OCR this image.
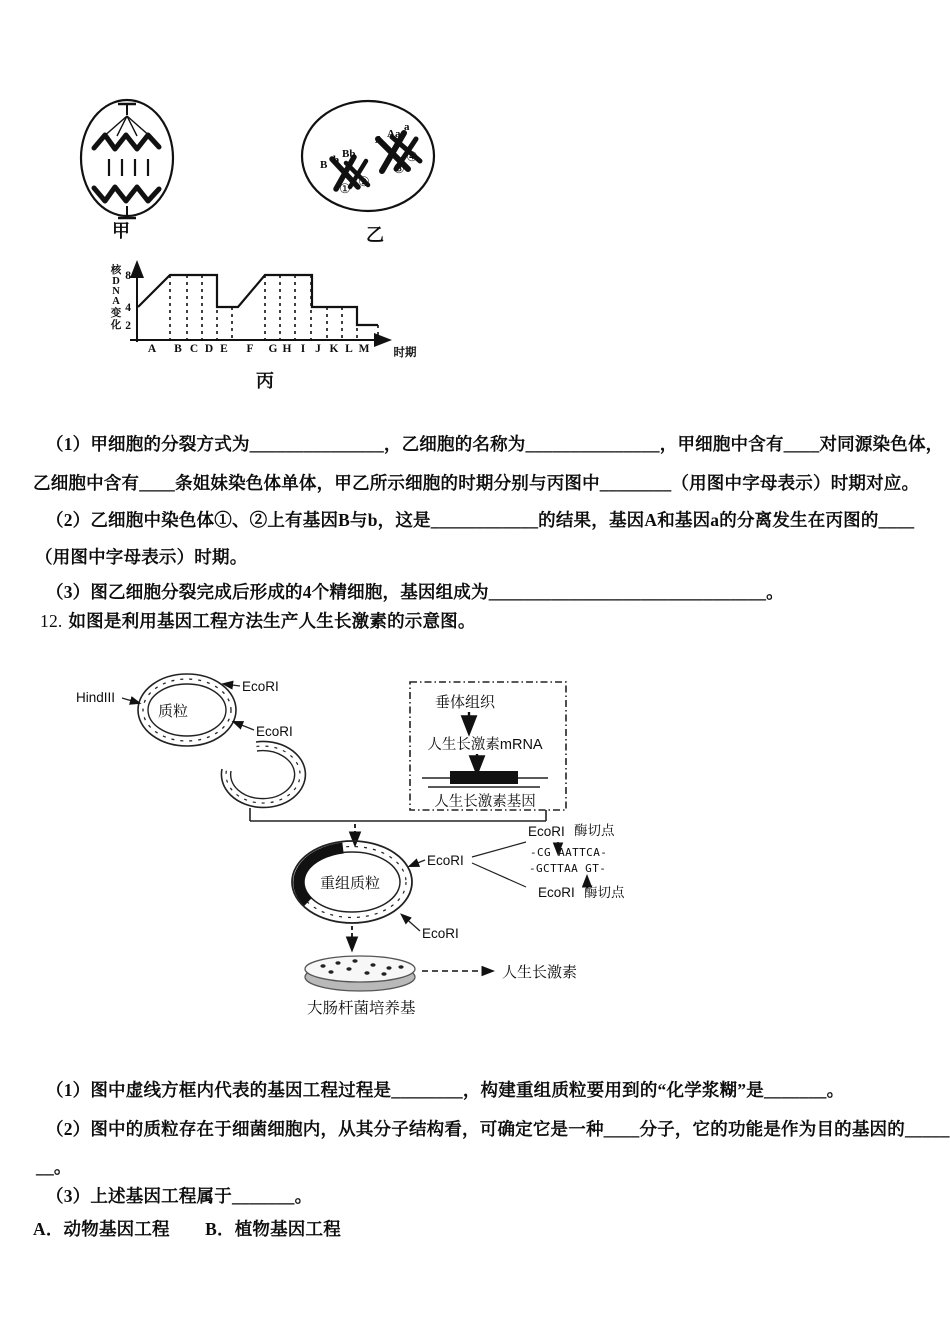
甲
B b Bb
A Aa
a
① ②
③
④
乙
核
D
N
A
变
化
8
4
2
A B C D E F G H I J K L M 时期
丙
（1）甲细胞的分裂方式为_______________，乙细胞的名称为_______________，甲细胞中含有____对同源染色体，
乙细胞中含有____条姐妹染色体单体，甲乙所示细胞的时期分别与丙图中________（用图中字母表示）时期对应。
（2）乙细胞中染色体①、②上有基因B与b，这是____________的结果，基因A和基因a的分离发生在丙图的____
（用图中字母表示）时期。
（3）图乙细胞分裂完成后形成的4个精细胞，基因组成为_______________________________。
12. 如图是利用基因工程方法生产人生长激素的示意图。
质粒
HindIII
EcoRI
EcoRI
垂体组织
人生长激素mRNA
人生长激素基因
重组质粒
EcoRI
EcoRI
EcoRI 酶切点
-CG AATTCA-
-GCTTAA GT-
EcoRI 酶切点
人生长激素
大肠杆菌培养基
（1）图中虚线方框内代表的基因工程过程是________，构建重组质粒要用到的“化学浆糊”是_______。
（2）图中的质粒存在于细菌细胞内，从其分子结构看，可确定它是一种____分子，它的功能是作为目的基因的_____
__。
（3）上述基因工程属于_______。
A．动物基因工程　　B．植物基因工程
